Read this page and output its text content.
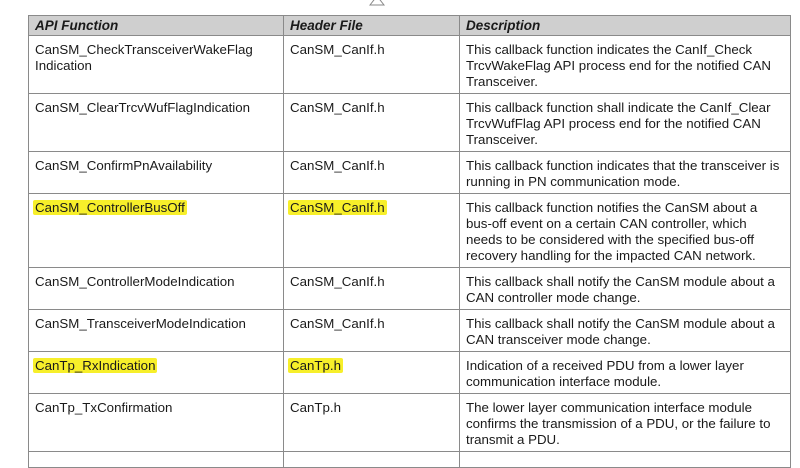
API Function	Header File	Description
CanSM_CheckTransceiverWakeFlag Indication	CanSM_CanIf.h	This callback function indicates the CanIf_Check TrcvWakeFlag API process end for the notified CAN Transceiver.
CanSM_ClearTrcvWufFlagIndication	CanSM_CanIf.h	This callback function shall indicate the CanIf_Clear TrcvWufFlag API process end for the notified CAN Transceiver.
CanSM_ConfirmPnAvailability	CanSM_CanIf.h	This callback function indicates that the transceiver is running in PN communication mode.
CanSM_ControllerBusOff	CanSM_CanIf.h	This callback function notifies the CanSM about a bus-off event on a certain CAN controller, which needs to be considered with the specified bus-off recovery handling for the impacted CAN network.
CanSM_ControllerModeIndication	CanSM_CanIf.h	This callback shall notify the CanSM module about a CAN controller mode change.
CanSM_TransceiverModeIndication	CanSM_CanIf.h	This callback shall notify the CanSM module about a CAN transceiver mode change.
CanTp_RxIndication	CanTp.h	Indication of a received PDU from a lower layer communication interface module.
CanTp_TxConfirmation	CanTp.h	The lower layer communication interface module confirms the transmission of a PDU, or the failure to transmit a PDU.
